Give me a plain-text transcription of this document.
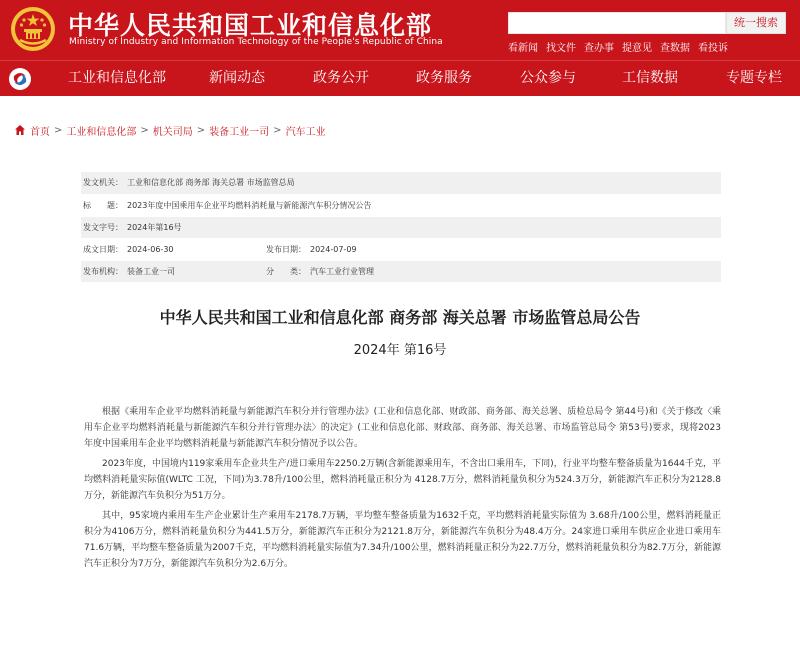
中华人民共和国工业和信息化部
Ministry of Industry and Information Technology of the People's Republic of China
统一搜索
看新闻 找文件 查办事 提意见 查数据 看投诉
工业和信息化部	新闻动态	政务公开	政务服务	公众参与	工信数据	专题专栏
首页 > 工业和信息化部 > 机关司局 > 装备工业一司 > 汽车工业
发文机关：	工业和信息化部 商务部 海关总署 市场监管总局		
标　　题：	2023年度中国乘用车企业平均燃料消耗量与新能源汽车积分情况公告		
发文字号：	2024年第16号		
成文日期：	2024-06-30	发布日期：	2024-07-09
发布机构：	装备工业一司	分　　类：	汽车工业行业管理
中华人民共和国工业和信息化部 商务部 海关总署 市场监管总局公告
2024年 第16号

根据《乘用车企业平均燃料消耗量与新能源汽车积分并行管理办法》(工业和信息化部、财政部、商务部、海关总署、质检总局令 第44号)和《关于修改〈乘用车企业平均燃料消耗量与新能源汽车积分并行管理办法〉的决定》(工业和信息化部、财政部、商务部、海关总署、市场监管总局令 第53号)要求，现将2023年度中国乘用车企业平均燃料消耗量与新能源汽车积分情况予以公告。

2023年度，中国境内119家乘用车企业共生产/进口乘用车2250.2万辆(含新能源乘用车，不含出口乘用车，下同)，行业平均整车整备质量为1644千克，平均燃料消耗量实际值(WLTC 工况，下同)为3.78升/100公里，燃料消耗量正积分为 4128.7万分，燃料消耗量负积分为524.3万分，新能源汽车正积分为2128.8万分，新能源汽车负积分为51万分。

其中，95家境内乘用车生产企业累计生产乘用车2178.7万辆，平均整车整备质量为1632千克，平均燃料消耗量实际值为 3.68升/100公里，燃料消耗量正积分为4106万分，燃料消耗量负积分为441.5万分，新能源汽车正积分为2121.8万分，新能源汽车负积分为48.4万分。24家进口乘用车供应企业进口乘用车71.6万辆，平均整车整备质量为2007千克，平均燃料消耗量实际值为7.34升/100公里，燃料消耗量正积分为22.7万分，燃料消耗量负积分为82.7万分，新能源汽车正积分为7万分，新能源汽车负积分为2.6万分。
